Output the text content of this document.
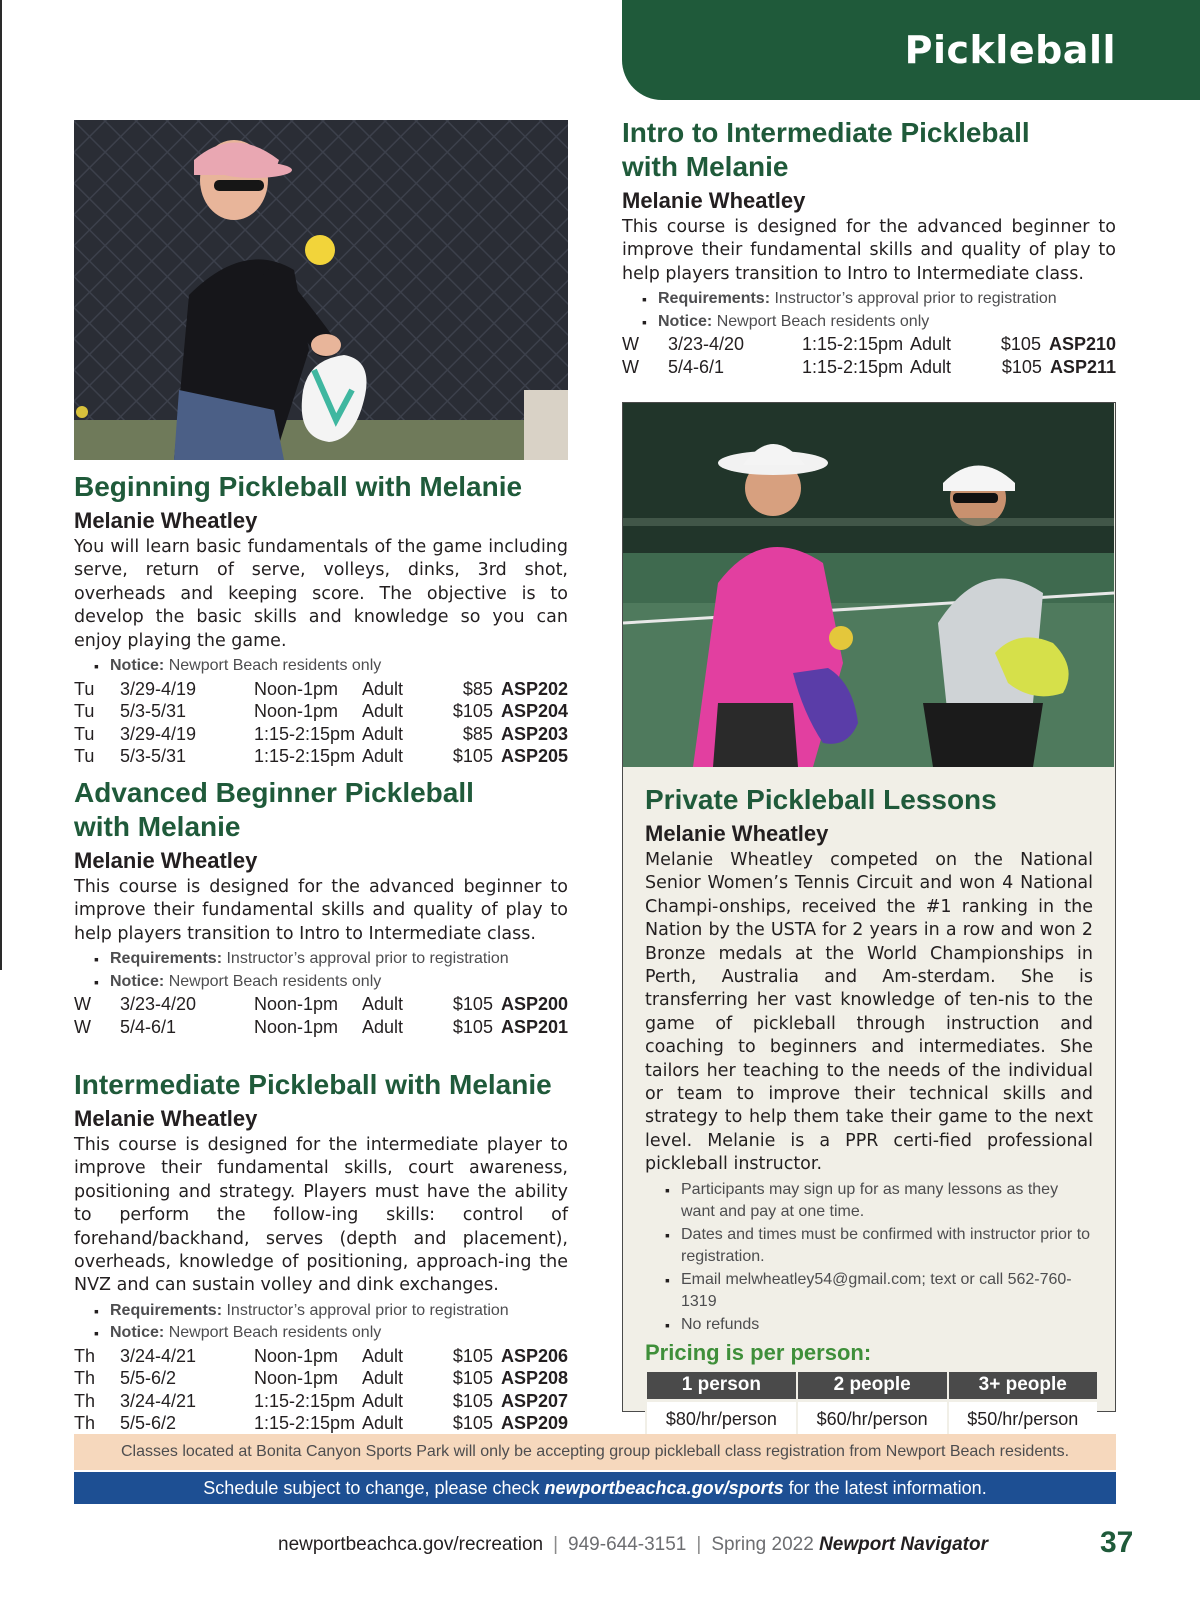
Pickleball
Beginning Pickleball with Melanie
Melanie Wheatley
You will learn basic fundamentals of the game including serve, return of serve, volleys, dinks, 3rd shot, overheads and keeping score. The objective is to develop the basic skills and knowledge so you can enjoy playing the game.
▪ Notice: Newport Beach residents only
Tu	3/29-4/19	Noon-1pm	Adult	$85 ASP202
Tu	5/3-5/31	Noon-1pm	Adult	$105 ASP204
Tu	3/29-4/19	1:15-2:15pm Adult	$85 ASP203
Tu	5/3-5/31	1:15-2:15pm Adult	$105 ASP205
Advanced Beginner Pickleball
with Melanie
Melanie Wheatley
This course is designed for the advanced beginner to improve their fundamental skills and quality of play to help players transition to Intro to Intermediate class.
▪ Requirements: Instructor’s approval prior to registration
▪ Notice: Newport Beach residents only
W	3/23-4/20	Noon-1pm	Adult	$105 ASP200
W	5/4-6/1	Noon-1pm	Adult	$105 ASP201
Intermediate Pickleball with Melanie
Melanie Wheatley
This course is designed for the intermediate player to improve their fundamental skills, court awareness, positioning and strategy. Players must have the ability to perform the follow-ing skills: control of forehand/backhand, serves (depth and placement), overheads, knowledge of positioning, approach-ing the NVZ and can sustain volley and dink exchanges.
▪ Requirements: Instructor’s approval prior to registration
▪ Notice: Newport Beach residents only
Th	3/24-4/21	Noon-1pm	Adult	$105 ASP206
Th	5/5-6/2	Noon-1pm	Adult	$105 ASP208
Th	3/24-4/21	1:15-2:15pm Adult	$105 ASP207
Th	5/5-6/2	1:15-2:15pm Adult	$105 ASP209
Intro to Intermediate Pickleball
with Melanie
Melanie Wheatley
This course is designed for the advanced beginner to improve their fundamental skills and quality of play to help players transition to Intro to Intermediate class.
▪ Requirements: Instructor’s approval prior to registration
▪ Notice: Newport Beach residents only
W	3/23-4/20	1:15-2:15pm Adult	$105 ASP210
W	5/4-6/1	1:15-2:15pm Adult	$105 ASP211
Private Pickleball Lessons
Melanie Wheatley
Melanie Wheatley competed on the National Senior Women’s Tennis Circuit and won 4 National Champi-onships, received the #1 ranking in the Nation by the USTA for 2 years in a row and won 2 Bronze medals at the World Championships in Perth, Australia and Am-sterdam. She is transferring her vast knowledge of ten-nis to the game of pickleball through instruction and coaching to beginners and intermediates. She tailors her teaching to the needs of the individual or team to improve their technical skills and strategy to help them take their game to the next level. Melanie is a PPR certi-fied professional pickleball instructor.
▪ Participants may sign up for as many lessons as they want and pay at one time.
▪ Dates and times must be confirmed with instructor prior to registration.
▪ Email melwheatley54@gmail.com; text or call 562-760-1319
▪ No refunds
Pricing is per person:
1 person	2 people	3+ people
$80/hr/person	$60/hr/person	$50/hr/person
Classes located at Bonita Canyon Sports Park will only be accepting group pickleball class registration from Newport Beach residents.
Schedule subject to change, please check newportbeachca.gov/sports for the latest information.
newportbeachca.gov/recreation | 949-644-3151 | Spring 2022 Newport Navigator	37
